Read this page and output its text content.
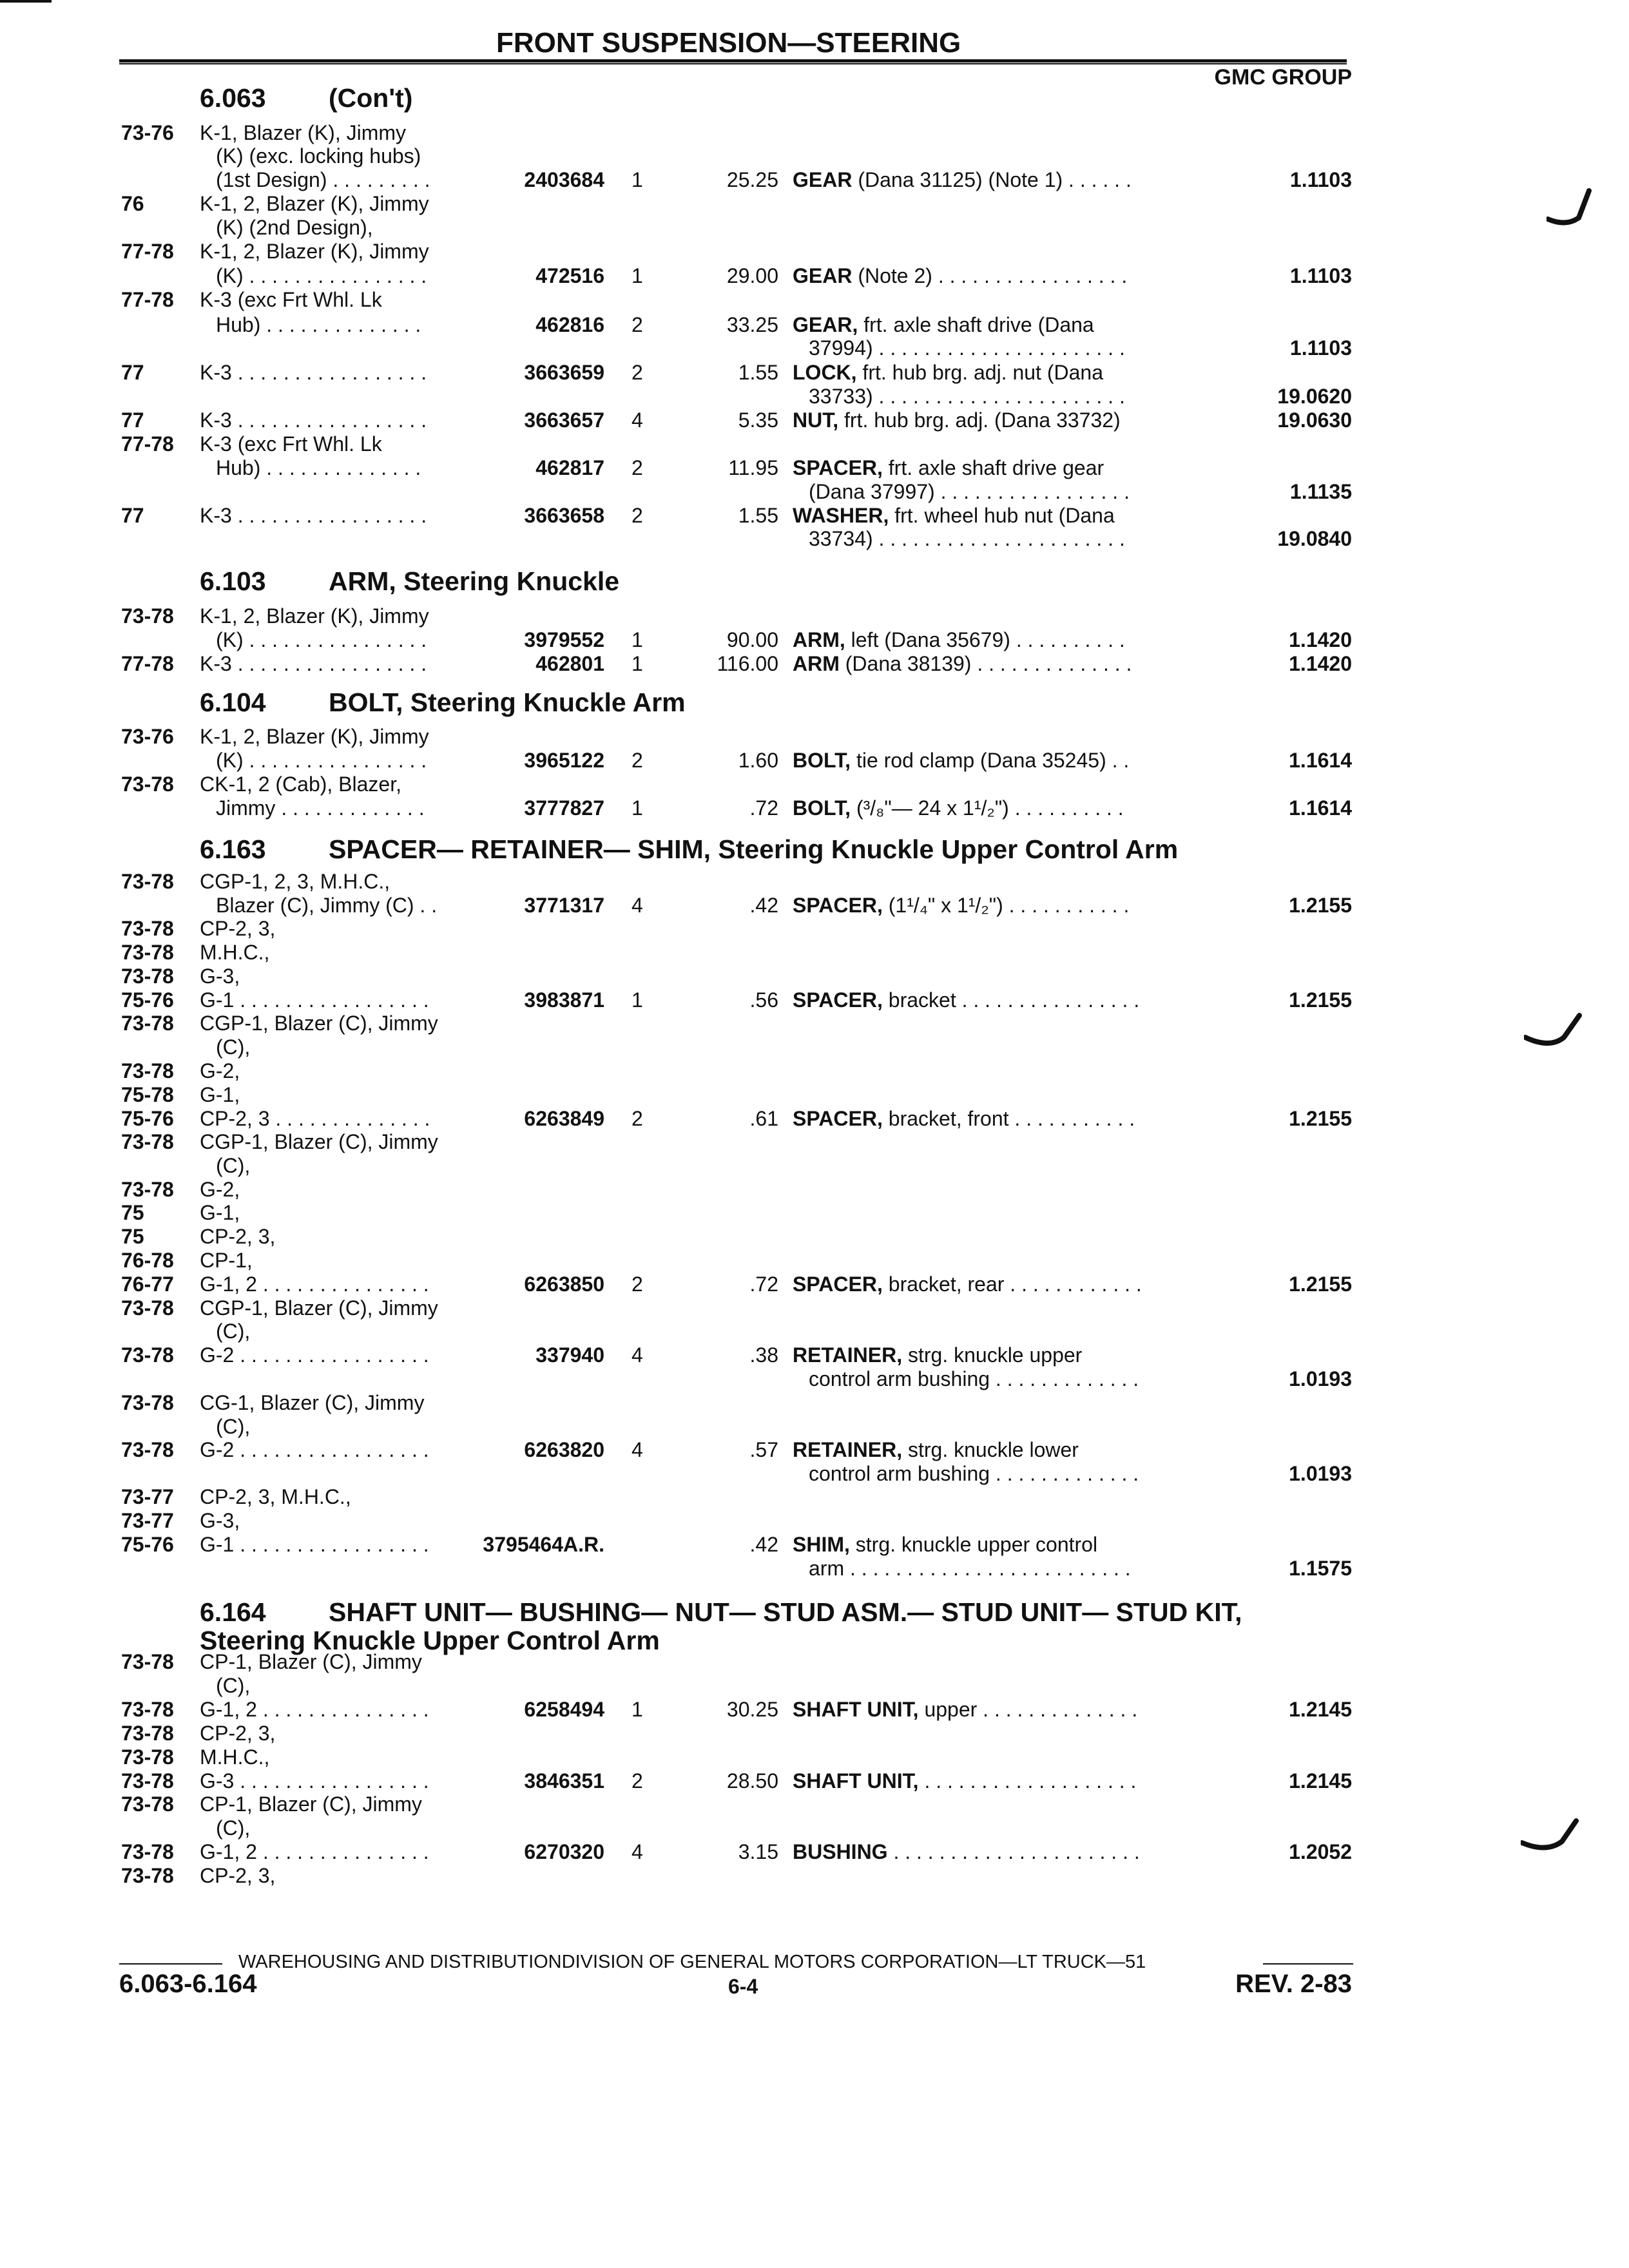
FRONT SUSPENSION—STEERING
GMC GROUP
6.063 (Con't)
6.103 ARM, Steering Knuckle
6.104 BOLT, Steering Knuckle Arm
6.163 SPACER— RETAINER— SHIM, Steering Knuckle Upper Control Arm
6.164 SHAFT UNIT— BUSHING— NUT— STUD ASM.— STUD UNIT— STUD KIT, Steering Knuckle Upper Control Arm
73-76 K-1, Blazer (K), Jimmy
(K) (exc. locking hubs)
(1st Design) . . . . . . . . .	2403684 1	25.25 GEAR (Dana 31125) (Note 1) . . . . . .	1.1103
76	K-1, 2, Blazer (K), Jimmy
(K) (2nd Design),
77-78 K-1, 2, Blazer (K), Jimmy
(K) . . . . . . . . . . . . . . . .	472516 1	29.00 GEAR (Note 2) . . . . . . . . . . . . . . . . .	1.1103
77-78 K-3 (exc Frt Whl. Lk
Hub) . . . . . . . . . . . . . .	462816 2	33.25 GEAR, frt. axle shaft drive (Dana
37994) . . . . . . . . . . . . . . . . . . . . . .	1.1103
77	K-3 . . . . . . . . . . . . . . . . .	3663659 2	1.55 LOCK, frt. hub brg. adj. nut (Dana
33733) . . . . . . . . . . . . . . . . . . . . . .	19.0620
77	K-3 . . . . . . . . . . . . . . . . .	3663657 4	5.35 NUT, frt. hub brg. adj. (Dana 33732)	19.0630
77-78 K-3 (exc Frt Whl. Lk
Hub) . . . . . . . . . . . . . .	462817 2	11.95 SPACER, frt. axle shaft drive gear
(Dana 37997) . . . . . . . . . . . . . . . . .	1.1135
77	K-3 . . . . . . . . . . . . . . . . .	3663658 2	1.55 WASHER, frt. wheel hub nut (Dana
33734) . . . . . . . . . . . . . . . . . . . . . .	19.0840
73-78 K-1, 2, Blazer (K), Jimmy
(K) . . . . . . . . . . . . . . . .	3979552 1	90.00 ARM, left (Dana 35679) . . . . . . . . . .	1.1420
77-78 K-3 . . . . . . . . . . . . . . . . .	462801 1	116.00 ARM (Dana 38139) . . . . . . . . . . . . . .	1.1420
73-76 K-1, 2, Blazer (K), Jimmy
(K) . . . . . . . . . . . . . . . .	3965122 2	1.60 BOLT, tie rod clamp (Dana 35245) . .	1.1614
73-78 CK-1, 2 (Cab), Blazer,
Jimmy . . . . . . . . . . . . .	3777827 1	.72 BOLT, (³/₈"— 24 x 1¹/₂") . . . . . . . . . .	1.1614
73-78 CGP-1, 2, 3, M.H.C.,
Blazer (C), Jimmy (C) . .	3771317 4	.42 SPACER, (1¹/₄" x 1¹/₂") . . . . . . . . . . .	1.2155
73-78 CP-2, 3,
73-78 M.H.C.,
73-78 G-3,
75-76 G-1 . . . . . . . . . . . . . . . . .	3983871 1	.56 SPACER, bracket . . . . . . . . . . . . . . . .	1.2155
73-78 CGP-1, Blazer (C), Jimmy
(C),
73-78 G-2,
75-78 G-1,
75-76 CP-2, 3 . . . . . . . . . . . . . .	6263849 2	.61 SPACER, bracket, front . . . . . . . . . . .	1.2155
73-78 CGP-1, Blazer (C), Jimmy
(C),
73-78 G-2,
75	G-1,
75	CP-2, 3,
76-78 CP-1,
76-77 G-1, 2 . . . . . . . . . . . . . . .	6263850 2	.72 SPACER, bracket, rear . . . . . . . . . . . .	1.2155
73-78 CGP-1, Blazer (C), Jimmy
(C),
73-78 G-2 . . . . . . . . . . . . . . . . .	337940 4	.38 RETAINER, strg. knuckle upper
control arm bushing . . . . . . . . . . . . .	1.0193
73-78 CG-1, Blazer (C), Jimmy
(C),
73-78 G-2 . . . . . . . . . . . . . . . . .	6263820 4	.57 RETAINER, strg. knuckle lower
control arm bushing . . . . . . . . . . . . .	1.0193
73-77 CP-2, 3, M.H.C.,
73-77 G-3,
75-76 G-1 . . . . . . . . . . . . . . . . .	3795464A.R.	.42 SHIM, strg. knuckle upper control
arm . . . . . . . . . . . . . . . . . . . . . . . . .	1.1575
73-78 CP-1, Blazer (C), Jimmy
(C),
73-78 G-1, 2 . . . . . . . . . . . . . . .	6258494 1	30.25 SHAFT UNIT, upper . . . . . . . . . . . . . .	1.2145
73-78 CP-2, 3,
73-78 M.H.C.,
73-78 G-3 . . . . . . . . . . . . . . . . .	3846351 2	28.50 SHAFT UNIT, . . . . . . . . . . . . . . . . . . .	1.2145
73-78 CP-1, Blazer (C), Jimmy
(C),
73-78 G-1, 2 . . . . . . . . . . . . . . .	6270320 4	3.15 BUSHING . . . . . . . . . . . . . . . . . . . . . .	1.2052
73-78 CP-2, 3,
WAREHOUSING AND DISTRIBUTIONDIVISION OF GENERAL MOTORS CORPORATION—LT TRUCK—51
6.063-6.164	6-4	REV. 2-83
